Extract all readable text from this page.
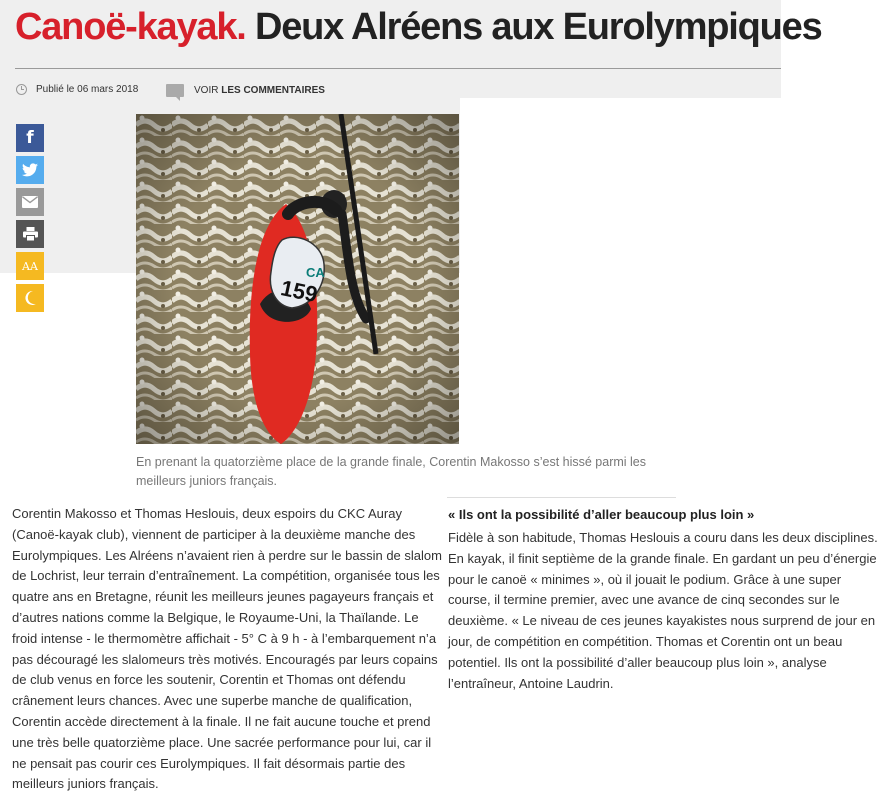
Canoë-kayak. Deux Alréens aux Eurolympiques
Publié le 06 mars 2018	VOIR LES COMMENTAIRES
f
AA	CA
159
En prenant la quatorzième place de la grande finale, Corentin Makosso s’est hissé parmi les meilleurs juniors français.

Corentin Makosso et Thomas Heslouis, deux espoirs du CKC Auray (Canoë-kayak club), viennent de participer à la deuxième manche des Eurolympiques. Les Alréens n’avaient rien à perdre sur le bassin de slalom de Lochrist, leur terrain d’entraînement. La compétition, organisée tous les quatre ans en Bretagne, réunit les meilleurs jeunes pagayeurs français et d’autres nations comme la Belgique, le Royaume-Uni, la Thaïlande. Le froid intense - le thermomètre affichait - 5° C à 9 h - à l’embarquement n’a pas découragé les slalomeurs très motivés. Encouragés par leurs copains de club venus en force les soutenir, Corentin et Thomas ont défendu crânement leurs chances. Avec une superbe manche de qualification, Corentin accède directement à la finale. Il ne fait aucune touche et prend une très belle quatorzième place. Une sacrée performance pour lui, car il ne pensait pas courir ces Eurolympiques. Il fait désormais partie des meilleurs juniors français.

« Ils ont la possibilité d’aller beaucoup plus loin »

Fidèle à son habitude, Thomas Heslouis a couru dans les deux disciplines. En kayak, il finit septième de la grande finale. En gardant un peu d’énergie pour le canoë « minimes », où il jouait le podium. Grâce à une super course, il termine premier, avec une avance de cinq secondes sur le deuxième. « Le niveau de ces jeunes kayakistes nous surprend de jour en jour, de compétition en compétition. Thomas et Corentin ont un beau potentiel. Ils ont la possibilité d’aller beaucoup plus loin », analyse l’entraîneur, Antoine Laudrin.
